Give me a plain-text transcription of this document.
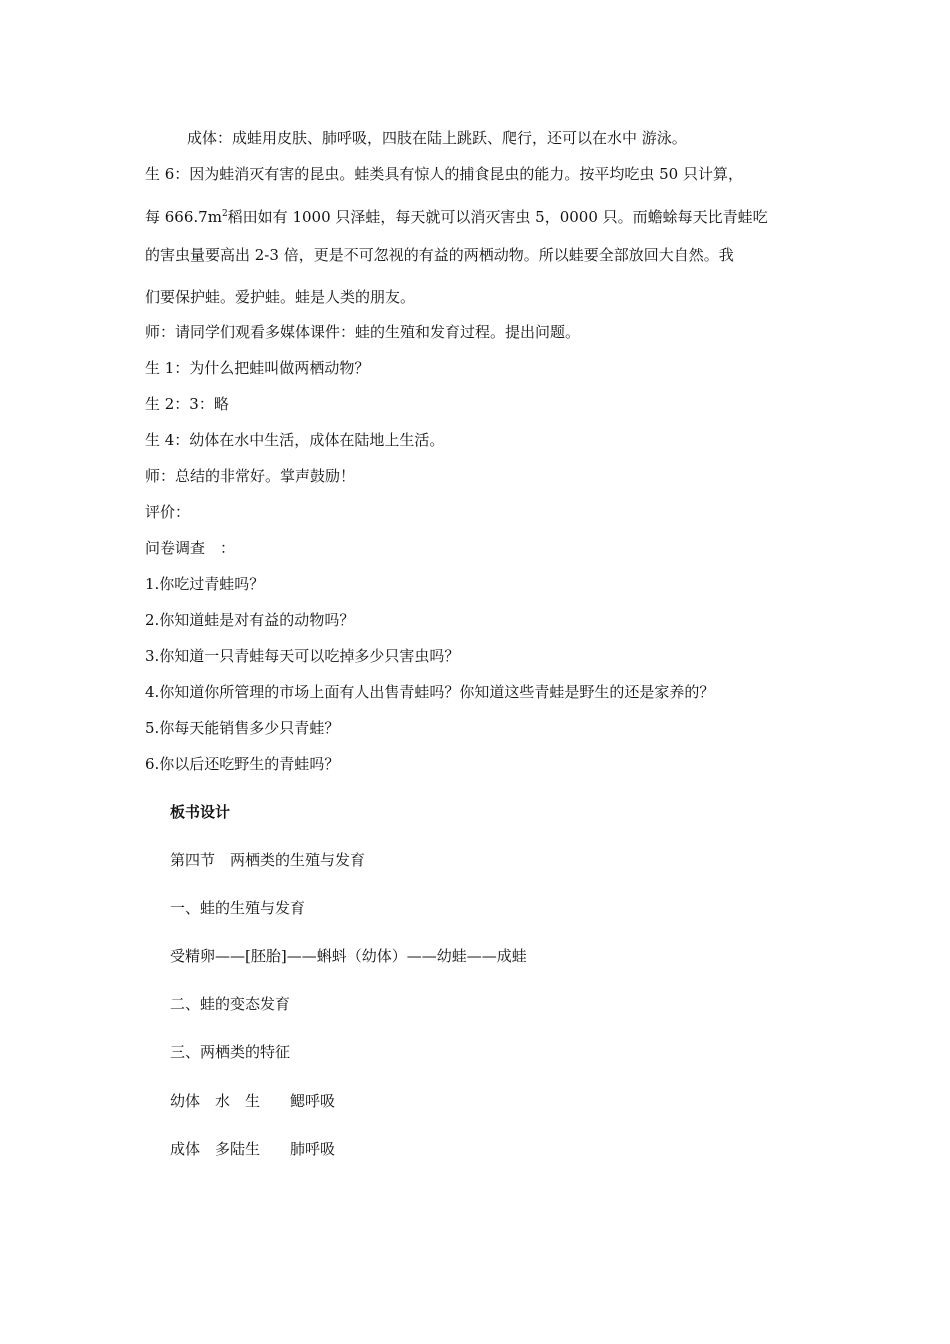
成体：成蛙用皮肤、肺呼吸，四肢在陆上跳跃、爬行，还可以在水中 游泳。
生 6：因为蛙消灭有害的昆虫。蛙类具有惊人的捕食昆虫的能力。按平均吃虫 50 只计算，
每 $666.7m^2$稻田如有 1000 只泽蛙，每天就可以消灭害虫 5，0000 只。而蟾蜍每天比青蛙吃
的害虫量要高出 2-3 倍，更是不可忽视的有益的两栖动物。所以蛙要全部放回大自然。我
们要保护蛙。爱护蛙。蛙是人类的朋友。
师：请同学们观看多媒体课件：蛙的生殖和发育过程。提出问题。
生 1：为什么把蛙叫做两栖动物？
生 2：3：略
生 4：幼体在水中生活，成体在陆地上生活。
师：总结的非常好。掌声鼓励！
评价：
问卷调查　：
1.你吃过青蛙吗？
2.你知道蛙是对有益的动物吗？
3.你知道一只青蛙每天可以吃掉多少只害虫吗？
4.你知道你所管理的市场上面有人出售青蛙吗？你知道这些青蛙是野生的还是家养的？
5.你每天能销售多少只青蛙？
6.你以后还吃野生的青蛙吗？
板书设计
第四节　两栖类的生殖与发育
一、蛙的生殖与发育
受精卵——[胚胎]——蝌蚪（幼体）——幼蛙——成蛙
二、蛙的变态发育
三、两栖类的特征
幼体　水　生　　鳃呼吸
成体　多陆生　　肺呼吸
